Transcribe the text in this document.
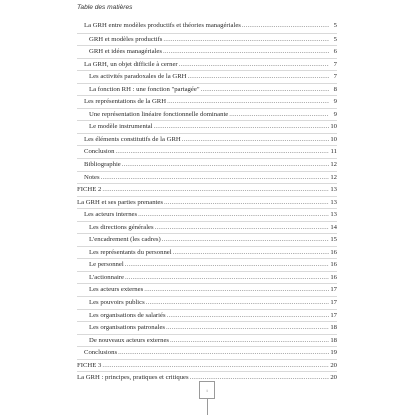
Table des matières
La GRH entre modèles productifs et théories managériales .....	5
GRH et modèles productifs .....	5
GRH et idées managériales .....	6
La GRH, un objet difficile à cerner .....	7
Les activités paradoxales de la GRH .....	7
La fonction RH : une fonction "partagée" .....	8
Les représentations de la GRH .....	9
Une représentation linéaire fonctionnelle dominante .....	9
Le modèle instrumental .....	10
Les éléments constitutifs de la GRH .....	10
Conclusion .....	11
Bibliographie .....	12
Notes .....	12
FICHE 2 .....	13
La GRH et ses parties prenantes .....	13
Les acteurs internes .....	13
Les directions générales .....	14
L'encadrement (les cadres) .....	15
Les représentants du personnel .....	16
Le personnel .....	16
L'actionnaire .....	16
Les acteurs externes .....	17
Les pouvoirs publics .....	17
Les organisations de salariés .....	17
Les organisations patronales .....	18
De nouveaux acteurs externes .....	18
Conclusions .....	19
FICHE 3 .....	20
La GRH : principes, pratiques et critiques .....	20
i
